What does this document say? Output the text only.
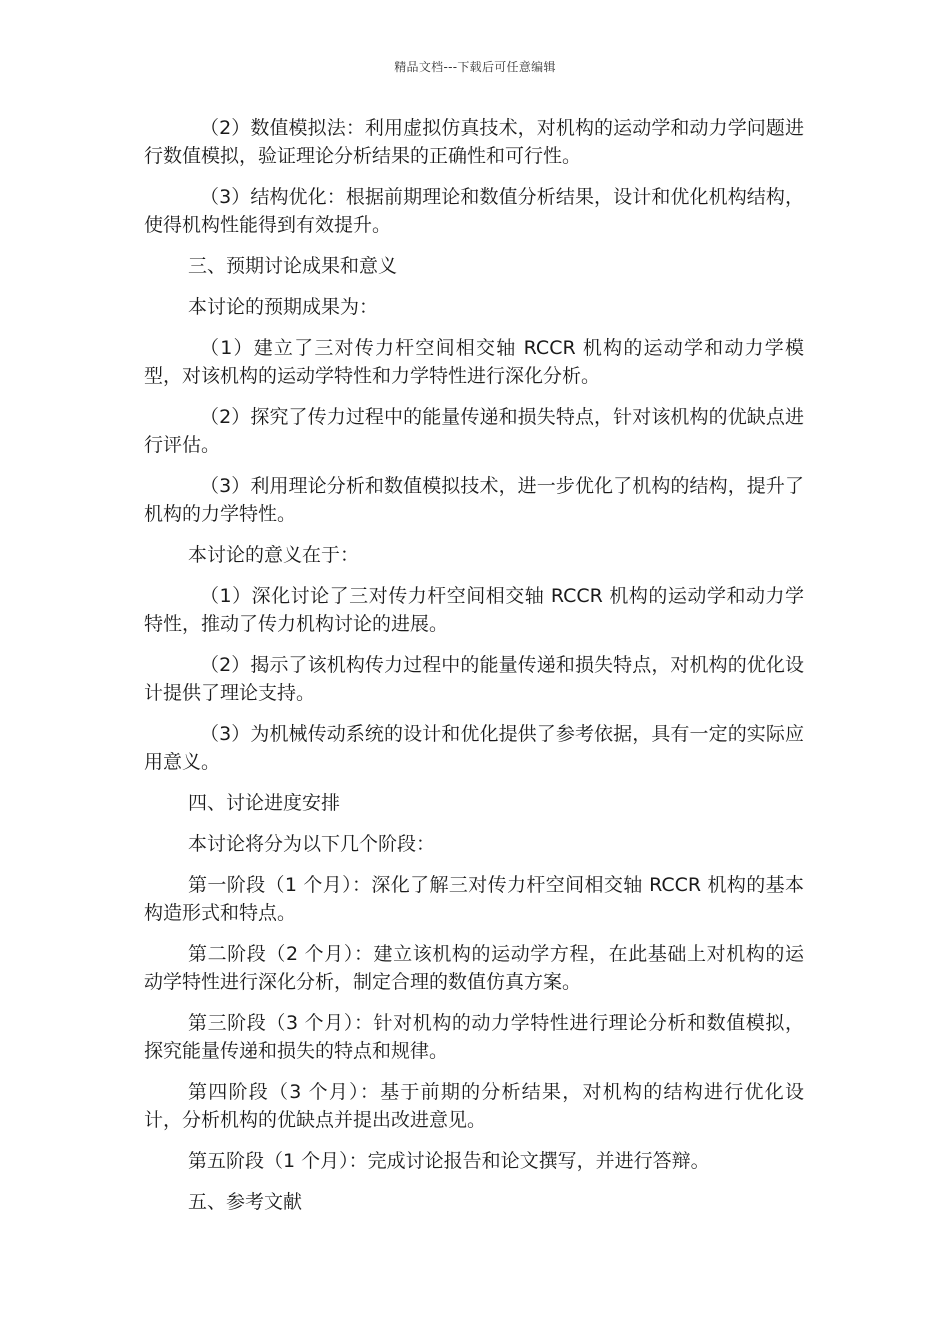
精品文档---下载后可任意编辑

（2）数值模拟法：利用虚拟仿真技术，对机构的运动学和动力学问题进行数值模拟，验证理论分析结果的正确性和可行性。

（3）结构优化：根据前期理论和数值分析结果，设计和优化机构结构，使得机构性能得到有效提升。

三、预期讨论成果和意义

本讨论的预期成果为：

（1）建立了三对传力杆空间相交轴 RCCR 机构的运动学和动力学模型，对该机构的运动学特性和力学特性进行深化分析。

（2）探究了传力过程中的能量传递和损失特点，针对该机构的优缺点进行评估。

（3）利用理论分析和数值模拟技术，进一步优化了机构的结构，提升了机构的力学特性。

本讨论的意义在于：

（1）深化讨论了三对传力杆空间相交轴 RCCR 机构的运动学和动力学特性，推动了传力机构讨论的进展。

（2）揭示了该机构传力过程中的能量传递和损失特点，对机构的优化设计提供了理论支持。

（3）为机械传动系统的设计和优化提供了参考依据，具有一定的实际应用意义。

四、讨论进度安排

本讨论将分为以下几个阶段：

第一阶段（1 个月）：深化了解三对传力杆空间相交轴 RCCR 机构的基本构造形式和特点。

第二阶段（2 个月）：建立该机构的运动学方程，在此基础上对机构的运动学特性进行深化分析，制定合理的数值仿真方案。

第三阶段（3 个月）：针对机构的动力学特性进行理论分析和数值模拟，探究能量传递和损失的特点和规律。

第四阶段（3 个月）：基于前期的分析结果，对机构的结构进行优化设计，分析机构的优缺点并提出改进意见。

第五阶段（1 个月）：完成讨论报告和论文撰写，并进行答辩。

五、参考文献
